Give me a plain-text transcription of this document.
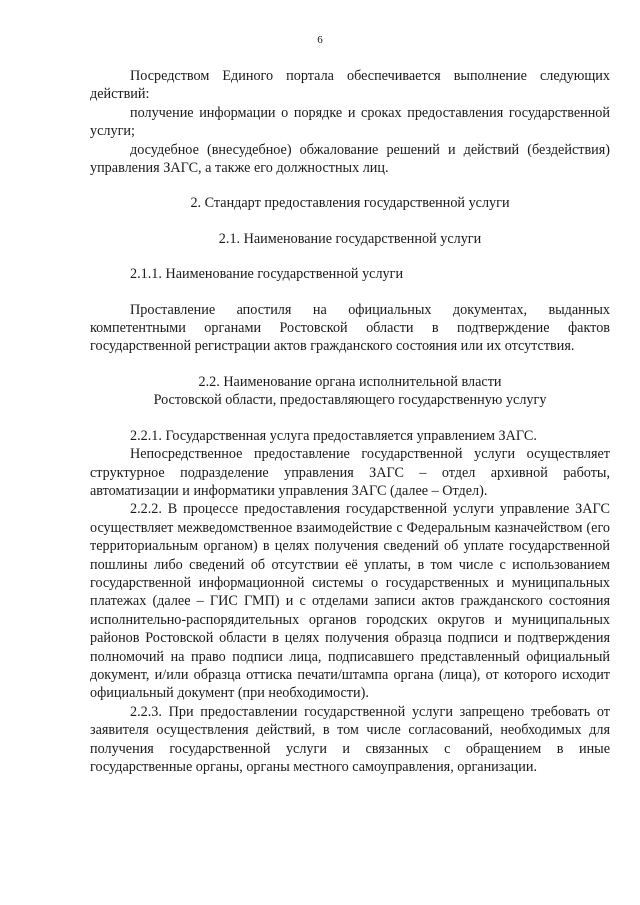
6

Посредством Единого портала обеспечивается выполнение следующих действий:

получение информации о порядке и сроках предоставления государственной услуги;

досудебное (внесудебное) обжалование решений и действий (бездействия) управления ЗАГС, а также его должностных лиц.

2. Стандарт предоставления государственной услуги

2.1. Наименование государственной услуги

2.1.1. Наименование государственной услуги

Проставление апостиля на официальных документах, выданных компетентными органами Ростовской области в подтверждение фактов государственной регистрации актов гражданского состояния или их отсутствия.

2.2. Наименование органа исполнительной власти

Ростовской области, предоставляющего государственную услугу

2.2.1. Государственная услуга предоставляется управлением ЗАГС.

Непосредственное предоставление государственной услуги осуществляет структурное подразделение управления ЗАГС – отдел архивной работы, автоматизации и информатики управления ЗАГС (далее – Отдел).

2.2.2. В процессе предоставления государственной услуги управление ЗАГС осуществляет межведомственное взаимодействие с Федеральным казначейством (его территориальным органом) в целях получения сведений об уплате государственной пошлины либо сведений об отсутствии её уплаты, в том числе с использованием государственной информационной системы о государственных и муниципальных платежах (далее – ГИС ГМП) и с отделами записи актов гражданского состояния исполнительно-распорядительных органов городских округов и муниципальных районов Ростовской области в целях получения образца подписи и подтверждения полномочий на право подписи лица, подписавшего представленный официальный документ, и/или образца оттиска печати/штампа органа (лица), от которого исходит официальный документ (при необходимости).

2.2.3. При предоставлении государственной услуги запрещено требовать от заявителя осуществления действий, в том числе согласований, необходимых для получения государственной услуги и связанных с обращением в иные государственные органы, органы местного самоуправления, организации.
